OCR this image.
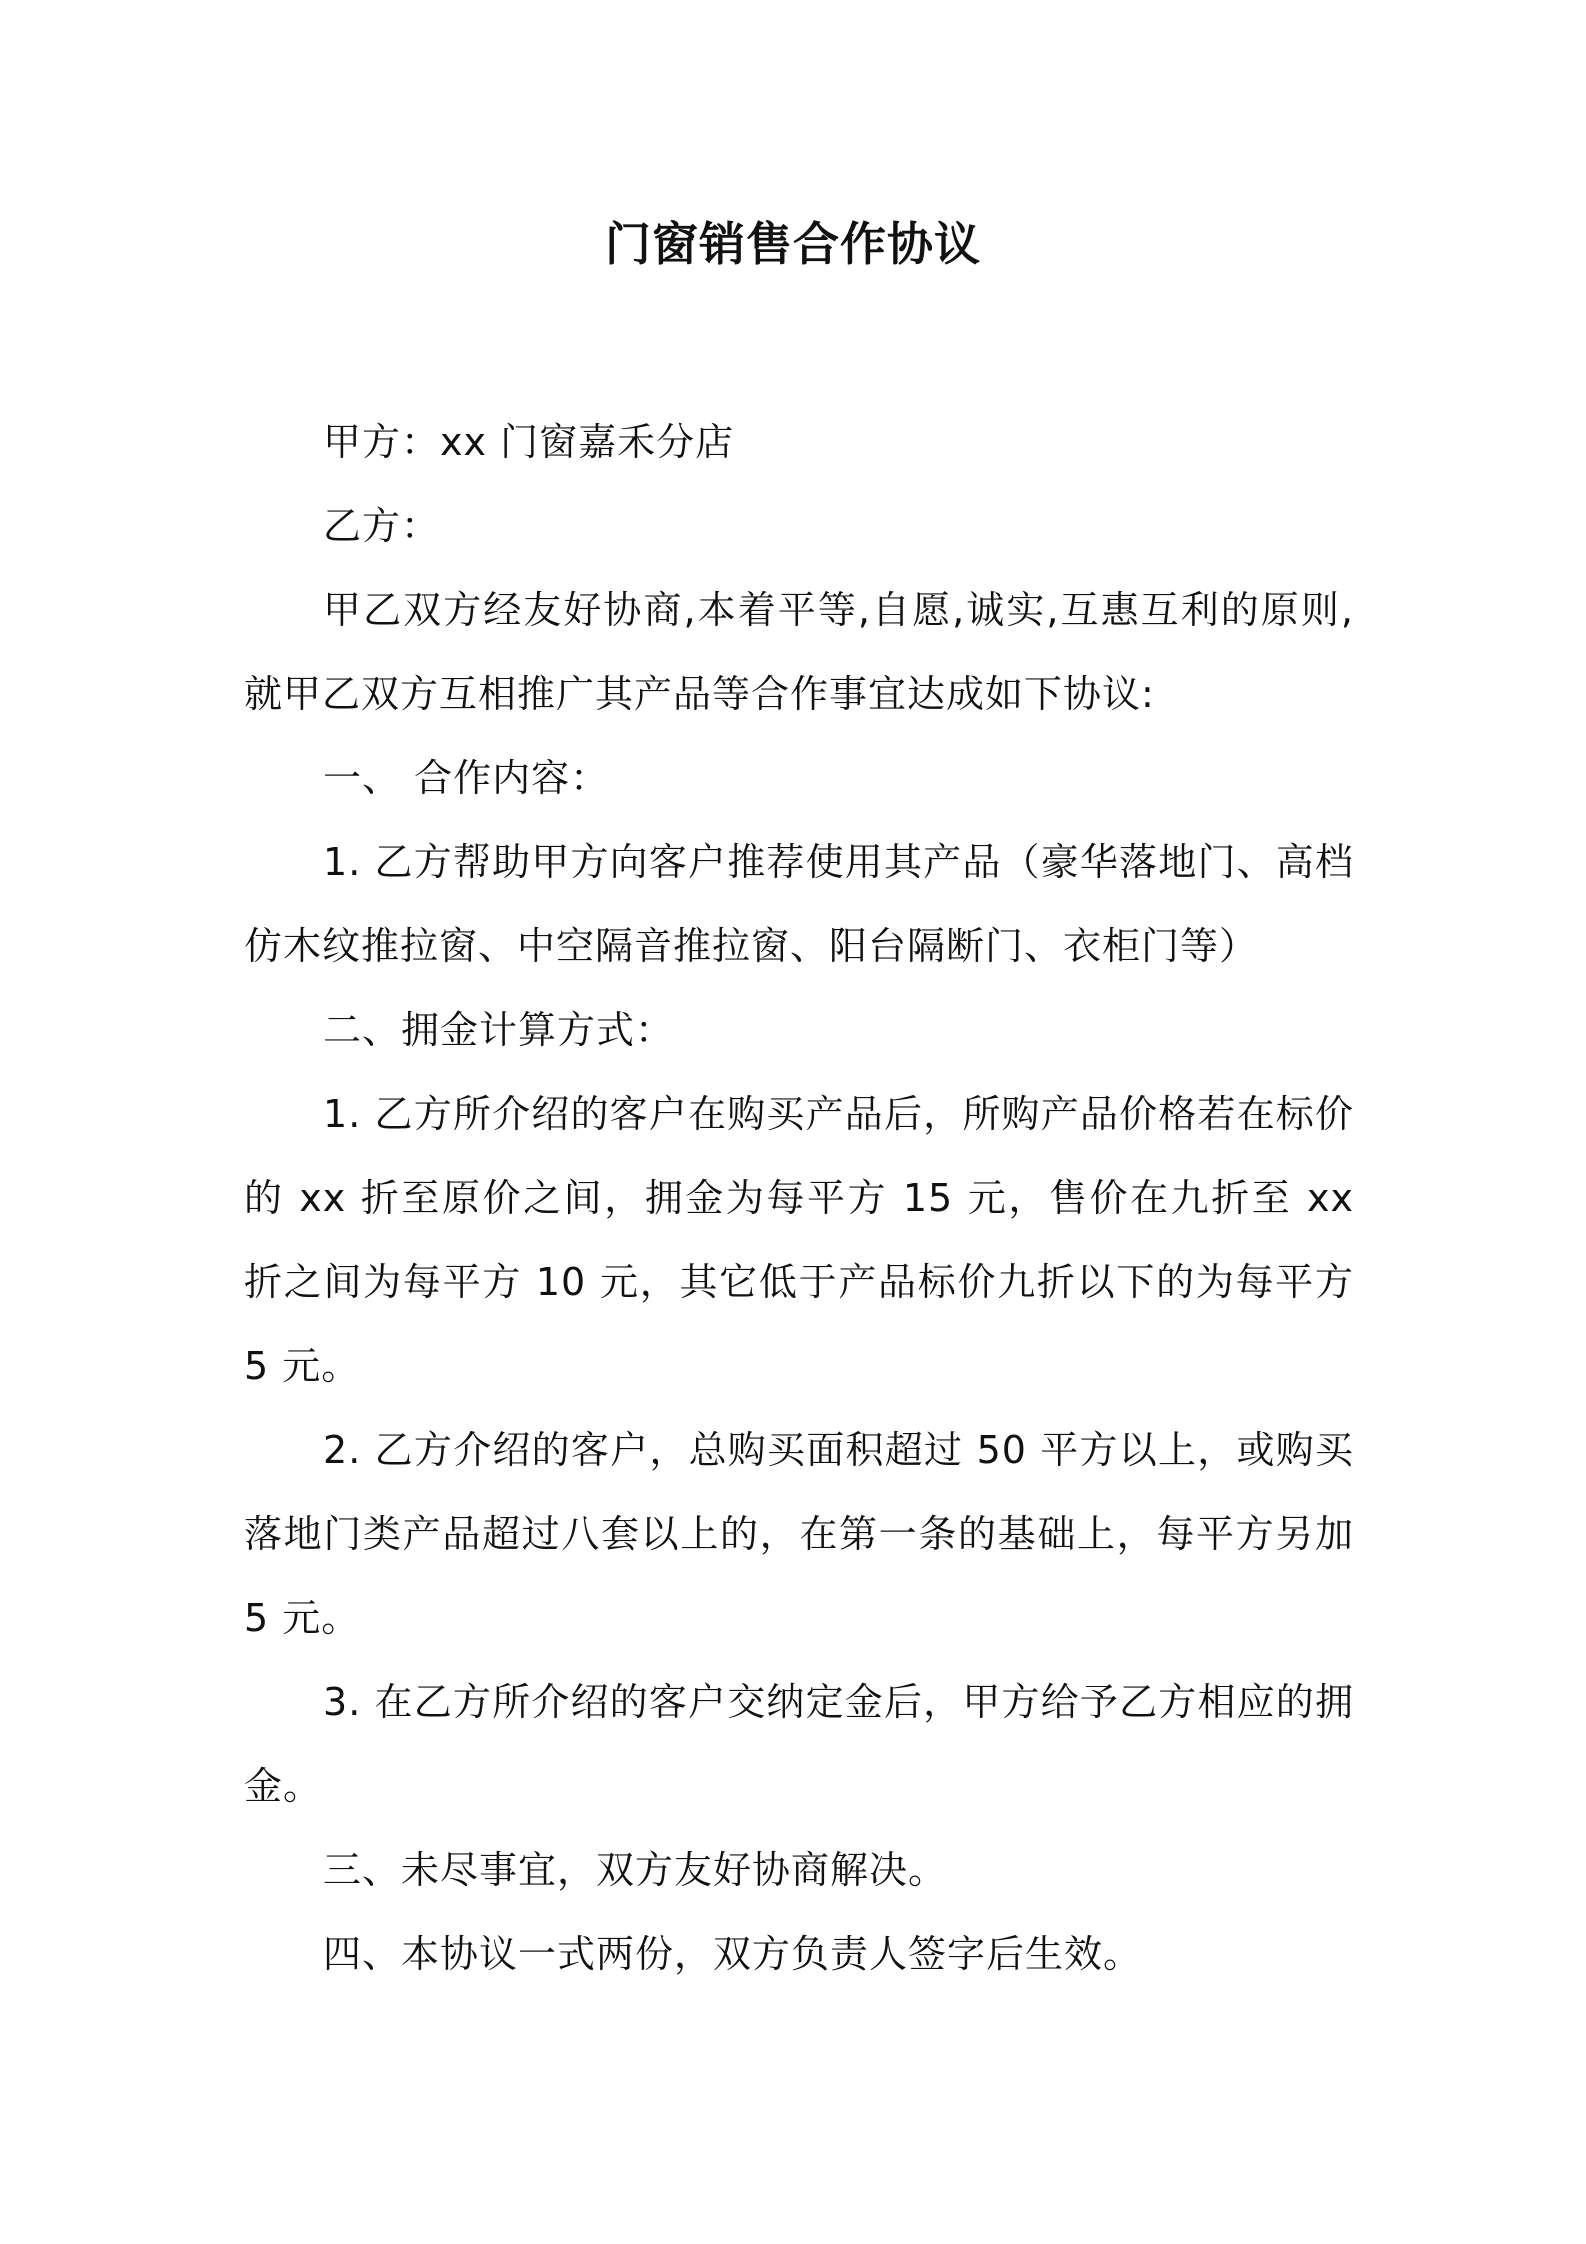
门窗销售合作协议

甲方：xx 门窗嘉禾分店

乙方：

甲乙双方经友好协商,本着平等,自愿,诚实,互惠互利的原则,就甲乙双方互相推广其产品等合作事宜达成如下协议:

一、 合作内容：

1. 乙方帮助甲方向客户推荐使用其产品（豪华落地门、高档仿木纹推拉窗、中空隔音推拉窗、阳台隔断门、衣柜门等）

二、拥金计算方式：

1. 乙方所介绍的客户在购买产品后，所购产品价格若在标价的 xx 折至原价之间，拥金为每平方 15 元，售价在九折至 xx 折之间为每平方 10 元，其它低于产品标价九折以下的为每平方 5 元。

2. 乙方介绍的客户，总购买面积超过 50 平方以上，或购买落地门类产品超过八套以上的，在第一条的基础上，每平方另加 5 元。

3. 在乙方所介绍的客户交纳定金后，甲方给予乙方相应的拥金。

三、未尽事宜，双方友好协商解决。

四、本协议一式两份，双方负责人签字后生效。
